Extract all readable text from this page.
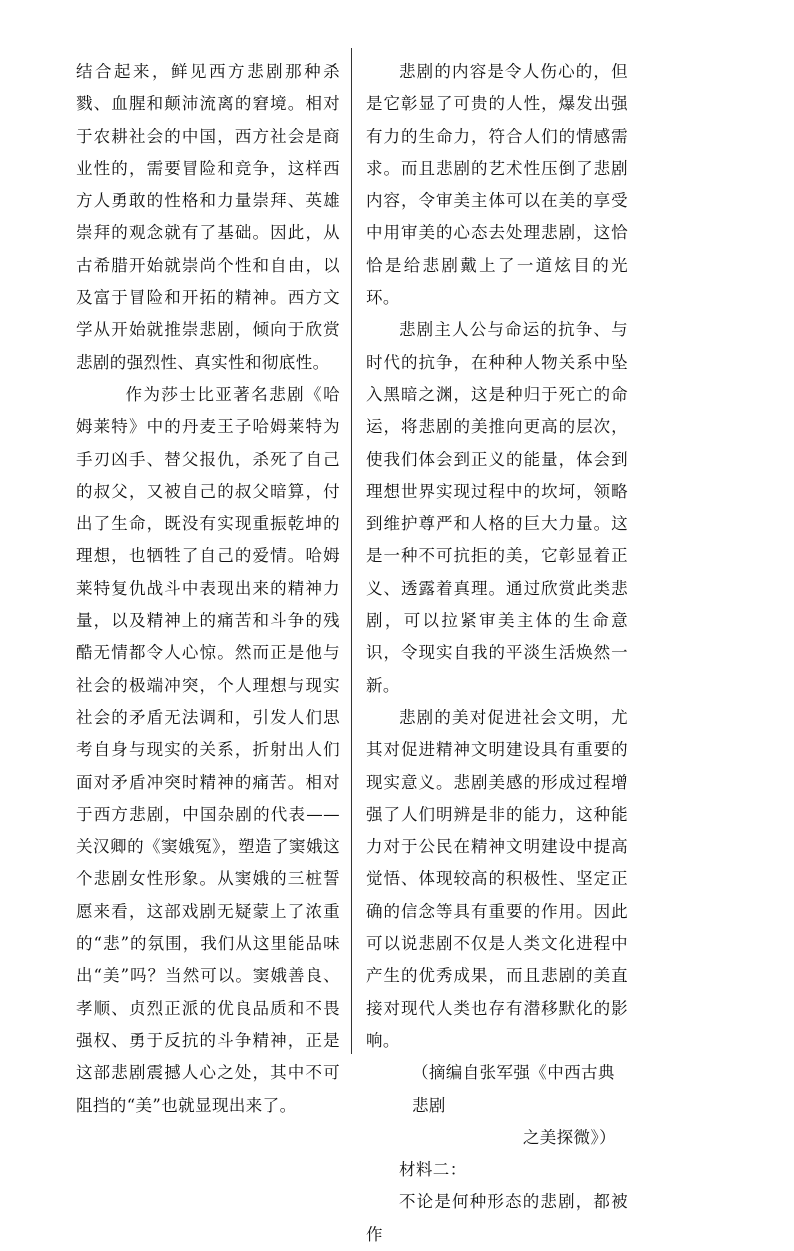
结合起来，鲜见西方悲剧那种杀戮、血腥和颠沛流离的窘境。相对于农耕社会的中国，西方社会是商业性的，需要冒险和竞争，这样西方人勇敢的性格和力量崇拜、英雄崇拜的观念就有了基础。因此，从古希腊开始就崇尚个性和自由，以及富于冒险和开拓的精神。西方文学从开始就推崇悲剧，倾向于欣赏悲剧的强烈性、真实性和彻底性。

作为莎士比亚著名悲剧《哈姆莱特》中的丹麦王子哈姆莱特为手刃凶手、替父报仇，杀死了自己的叔父，又被自己的叔父暗算，付出了生命，既没有实现重振乾坤的理想，也牺牲了自己的爱情。哈姆莱特复仇战斗中表现出来的精神力量，以及精神上的痛苦和斗争的残酷无情都令人心惊。然而正是他与社会的极端冲突，个人理想与现实社会的矛盾无法调和，引发人们思考自身与现实的关系，折射出人们面对矛盾冲突时精神的痛苦。相对于西方悲剧，中国杂剧的代表——关汉卿的《窦娥冤》，塑造了窦娥这个悲剧女性形象。从窦娥的三桩誓愿来看，这部戏剧无疑蒙上了浓重的“悲”的氛围，我们从这里能品味出“美”吗？当然可以。窦娥善良、孝顺、贞烈正派的优良品质和不畏强权、勇于反抗的斗争精神，正是这部悲剧震撼人心之处，其中不可阻挡的“美”也就显现出来了。

悲剧的内容是令人伤心的，但是它彰显了可贵的人性，爆发出强有力的生命力，符合人们的情感需求。而且悲剧的艺术性压倒了悲剧内容，令审美主体可以在美的享受中用审美的心态去处理悲剧，这恰恰是给悲剧戴上了一道炫目的光环。

悲剧主人公与命运的抗争、与时代的抗争，在种种人物关系中坠入黑暗之渊，这是种归于死亡的命运，将悲剧的美推向更高的层次，使我们体会到正义的能量，体会到理想世界实现过程中的坎坷，领略到维护尊严和人格的巨大力量。这是一种不可抗拒的美，它彰显着正义、透露着真理。通过欣赏此类悲剧，可以拉紧审美主体的生命意识，令现实自我的平淡生活焕然一新。

悲剧的美对促进社会文明，尤其对促进精神文明建设具有重要的现实意义。悲剧美感的形成过程增强了人们明辨是非的能力，这种能力对于公民在精神文明建设中提高觉悟、体现较高的积极性、坚定正确的信念等具有重要的作用。因此可以说悲剧不仅是人类文化进程中产生的优秀成果，而且悲剧的美直接对现代人类也存有潜移默化的影响。

（摘编自张军强《中西古典悲剧

之美探微》）

材料二：

不论是何种形态的悲剧，都被作
